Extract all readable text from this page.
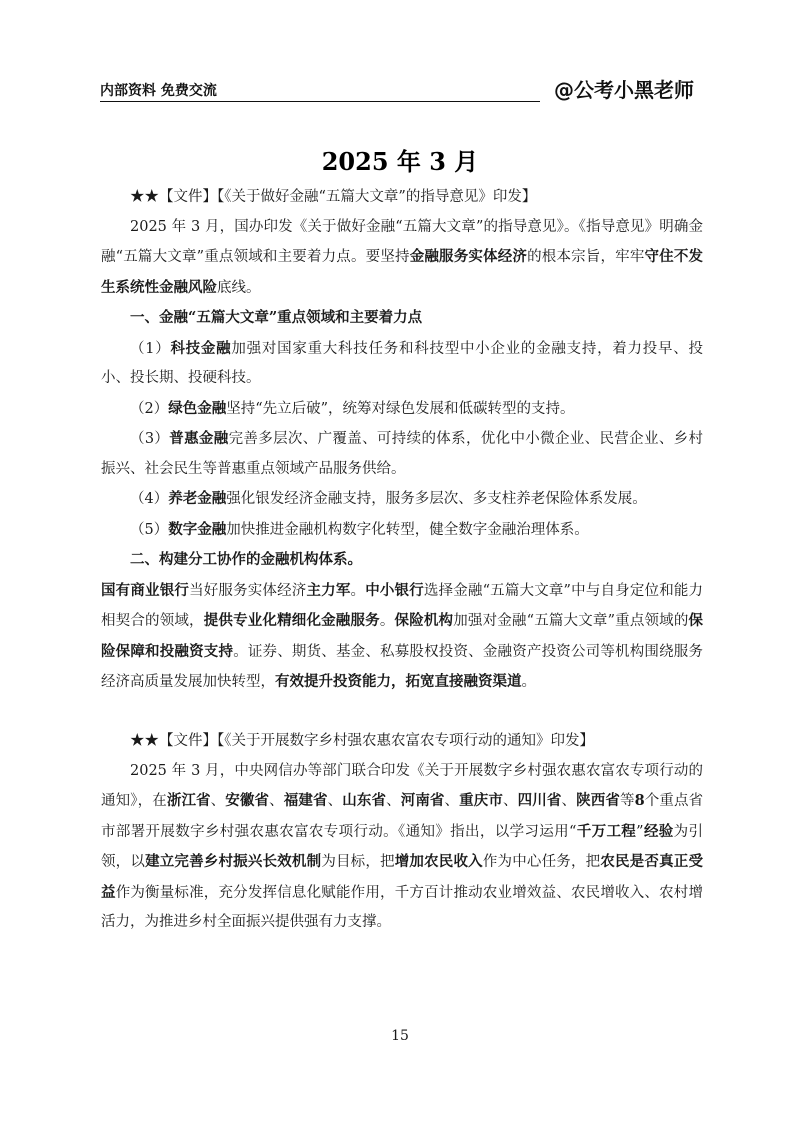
内部资料 免费交流	@公考小黑老师
2025 年 3 月

★★【文件】【《关于做好金融“五篇大文章”的指导意见》印发】

2025 年 3 月，国办印发《关于做好金融“五篇大文章”的指导意见》。《指导意见》明确金融“五篇大文章”重点领域和主要着力点。要坚持金融服务实体经济的根本宗旨，牢牢守住不发生系统性金融风险底线。

一、金融“五篇大文章”重点领域和主要着力点

（1）科技金融加强对国家重大科技任务和科技型中小企业的金融支持，着力投早、投小、投长期、投硬科技。

（2）绿色金融坚持“先立后破”，统筹对绿色发展和低碳转型的支持。

（3）普惠金融完善多层次、广覆盖、可持续的体系，优化中小微企业、民营企业、乡村振兴、社会民生等普惠重点领域产品服务供给。

（4）养老金融强化银发经济金融支持，服务多层次、多支柱养老保险体系发展。

（5）数字金融加快推进金融机构数字化转型，健全数字金融治理体系。

二、构建分工协作的金融机构体系。

国有商业银行当好服务实体经济主力军。中小银行选择金融“五篇大文章”中与自身定位和能力相契合的领域，提供专业化精细化金融服务。保险机构加强对金融“五篇大文章”重点领域的保险保障和投融资支持。证券、期货、基金、私募股权投资、金融资产投资公司等机构围绕服务经济高质量发展加快转型，有效提升投资能力，拓宽直接融资渠道。

★★【文件】【《关于开展数字乡村强农惠农富农专项行动的通知》印发】

2025 年 3 月，中央网信办等部门联合印发《关于开展数字乡村强农惠农富农专项行动的通知》，在浙江省、安徽省、福建省、山东省、河南省、重庆市、四川省、陕西省等8个重点省市部署开展数字乡村强农惠农富农专项行动。《通知》指出，以学习运用“千万工程”经验为引领，以建立完善乡村振兴长效机制为目标，把增加农民收入作为中心任务，把农民是否真正受益作为衡量标准，充分发挥信息化赋能作用，千方百计推动农业增效益、农民增收入、农村增活力，为推进乡村全面振兴提供强有力支撑。

15
